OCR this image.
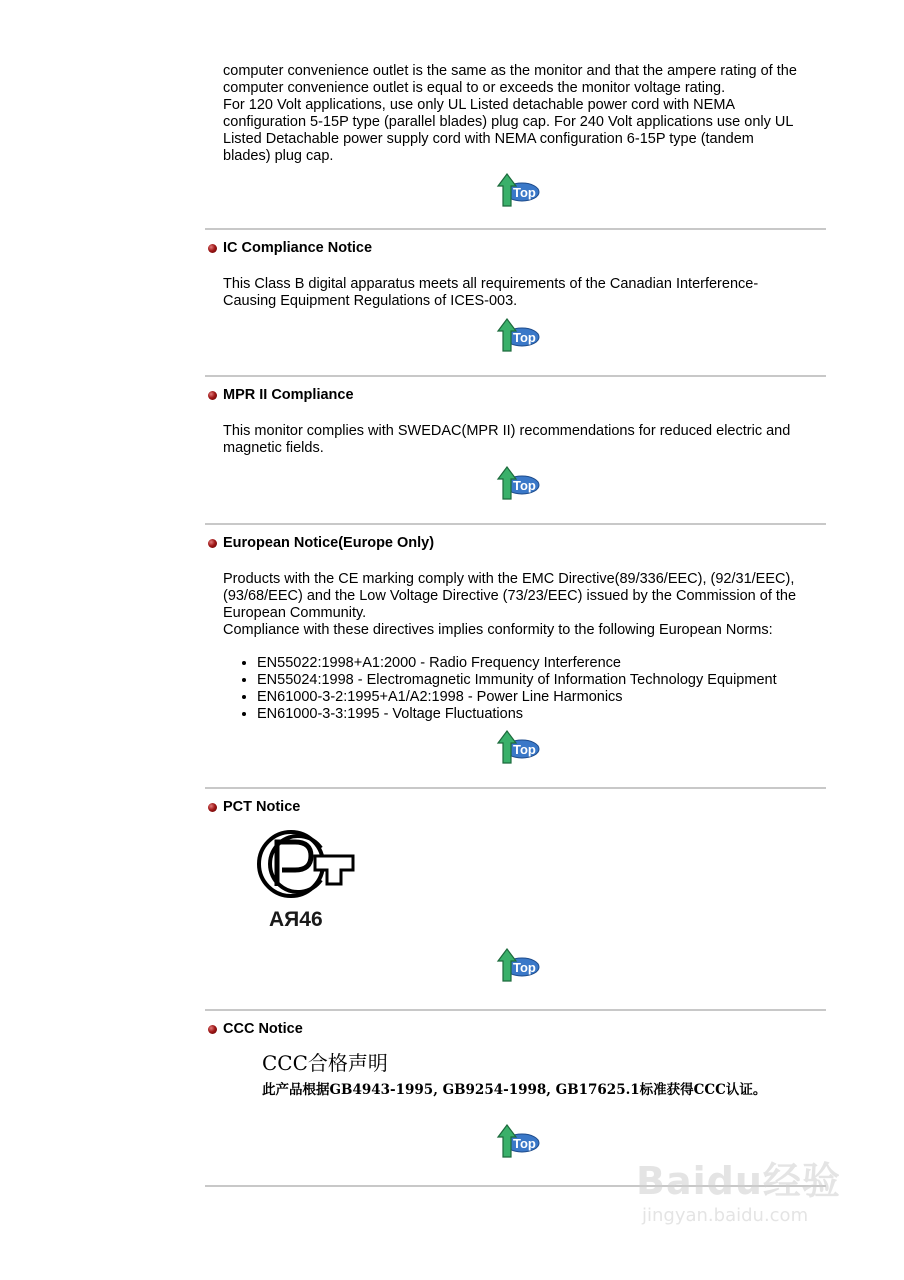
computer convenience outlet is the same as the monitor and that the ampere rating of the
computer convenience outlet is equal to or exceeds the monitor voltage rating.
For 120 Volt applications, use only UL Listed detachable power cord with NEMA
configuration 5-15P type (parallel blades) plug cap. For 240 Volt applications use only UL
Listed Detachable power supply cord with NEMA configuration 6-15P type (tandem
blades) plug cap.
IC Compliance Notice
This Class B digital apparatus meets all requirements of the Canadian Interference-
Causing Equipment Regulations of ICES-003.
MPR II Compliance
This monitor complies with SWEDAC(MPR II) recommendations for reduced electric and
magnetic fields.
European Notice(Europe Only)
Products with the CE marking comply with the EMC Directive(89/336/EEC), (92/31/EEC),
(93/68/EEC) and the Low Voltage Directive (73/23/EEC) issued by the Commission of the
European Community.
Compliance with these directives implies conformity to the following European Norms:
• EN55022:1998+A1:2000 - Radio Frequency Interference
• EN55024:1998 - Electromagnetic Immunity of Information Technology Equipment
• EN61000-3-2:1995+A1/A2:1998 - Power Line Harmonics
• EN61000-3-3:1995 - Voltage Fluctuations
PCT Notice
AЯ46
CCC Notice
CCC合格声明
此产品根据GB4943-1995, GB9254-1998, GB17625.1标准获得CCC认证。
Baidu经验
jingyan.baidu.com
